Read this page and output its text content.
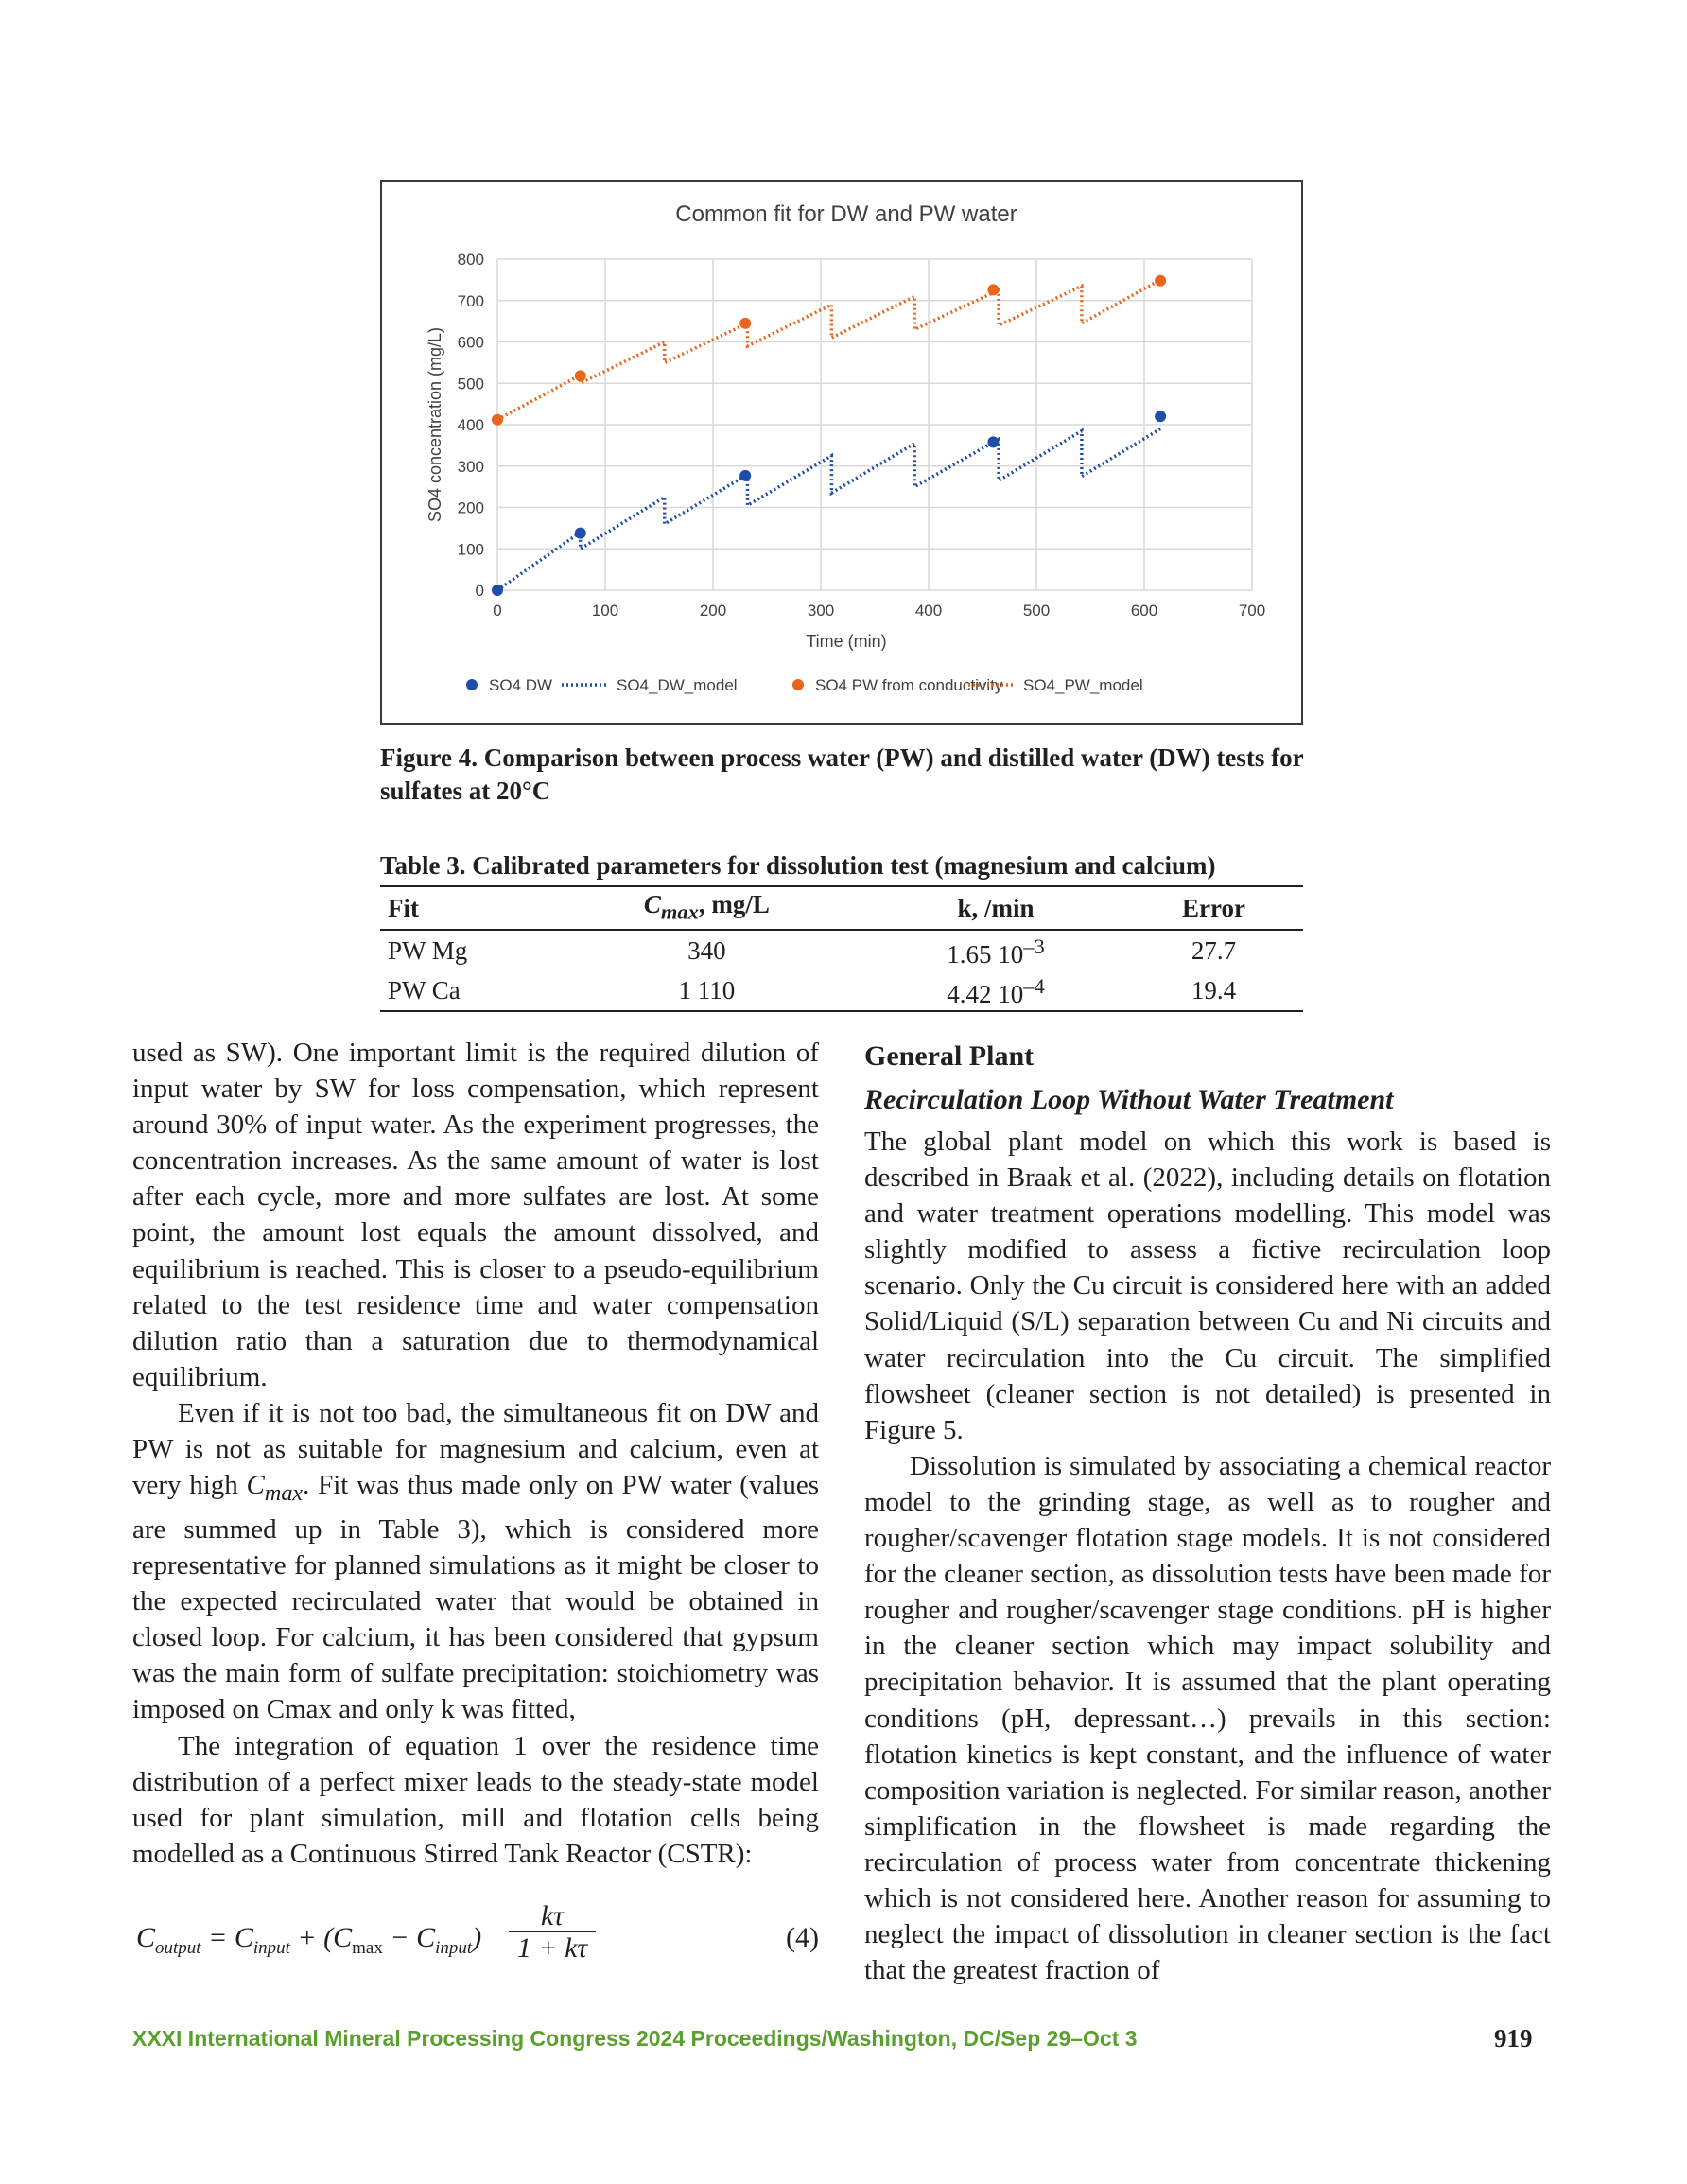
0	100	200	300	400	500	600	700
0
100
200
300
400
500
600
700
800
Common fit for DW and PW water
Time (min)
SO4 concentration (mg/L)
SO4 DW	SO4_DW_model	SO4 PW from conductivity SO4_PW_model
Figure 4. Comparison between process water (PW) and distilled water (DW) tests for sulfates at 20°C
Table 3. Calibrated parameters for dissolution test (magnesium and calcium)
Fit	$C_{max}$, mg/L	k, /min	Error
PW Mg	340	1.65 $10^{-3}$	27.7
PW Ca	1 110	4.42 $10^{-4}$	19.4

used as SW). One important limit is the required dilution of input water by SW for loss compensation, which represent around 30% of input water. As the experiment progresses, the concentration increases. As the same amount of water is lost after each cycle, more and more sulfates are lost. At some point, the amount lost equals the amount dissolved, and equilibrium is reached. This is closer to a pseudo-equilibrium related to the test residence time and water compensation dilution ratio than a saturation due to thermodynamical equilibrium.

Even if it is not too bad, the simultaneous fit on DW and PW is not as suitable for magnesium and calcium, even at very high $C_{max}$. Fit was thus made only on PW water (values are summed up in Table 3), which is considered more representative for planned simulations as it might be closer to the expected recirculated water that would be obtained in closed loop. For calcium, it has been considered that gypsum was the main form of sulfate precipitation: stoichiometry was imposed on Cmax and only k was fitted,

The integration of equation 1 over the residence time distribution of a perfect mixer leads to the steady-state model used for plant simulation, mill and flotation cells being modelled as a Continuous Stirred Tank Reactor (CSTR):

$C_{output} = C_{input} + (C_{max} - C_{input}) \frac{k\tau}{1 + k\tau}$	(4)
General Plant
Recirculation Loop Without Water Treatment

The global plant model on which this work is based is described in Braak et al. (2022), including details on flotation and water treatment operations modelling. This model was slightly modified to assess a fictive recirculation loop scenario. Only the Cu circuit is considered here with an added Solid/Liquid (S/L) separation between Cu and Ni circuits and water recirculation into the Cu circuit. The simplified flowsheet (cleaner section is not detailed) is presented in Figure 5.

Dissolution is simulated by associating a chemical reactor model to the grinding stage, as well as to rougher and rougher/scavenger flotation stage models. It is not considered for the cleaner section, as dissolution tests have been made for rougher and rougher/scavenger stage conditions. pH is higher in the cleaner section which may impact solubility and precipitation behavior. It is assumed that the plant operating conditions (pH, depressant…) prevails in this section: flotation kinetics is kept constant, and the influence of water composition variation is neglected. For similar reason, another simplification in the flowsheet is made regarding the recirculation of process water from concentrate thickening which is not considered here. Another reason for assuming to neglect the impact of dissolution in cleaner section is the fact that the greatest fraction of

XXXI International Mineral Processing Congress 2024 Proceedings/Washington, DC/Sep 29–Oct 3	919
